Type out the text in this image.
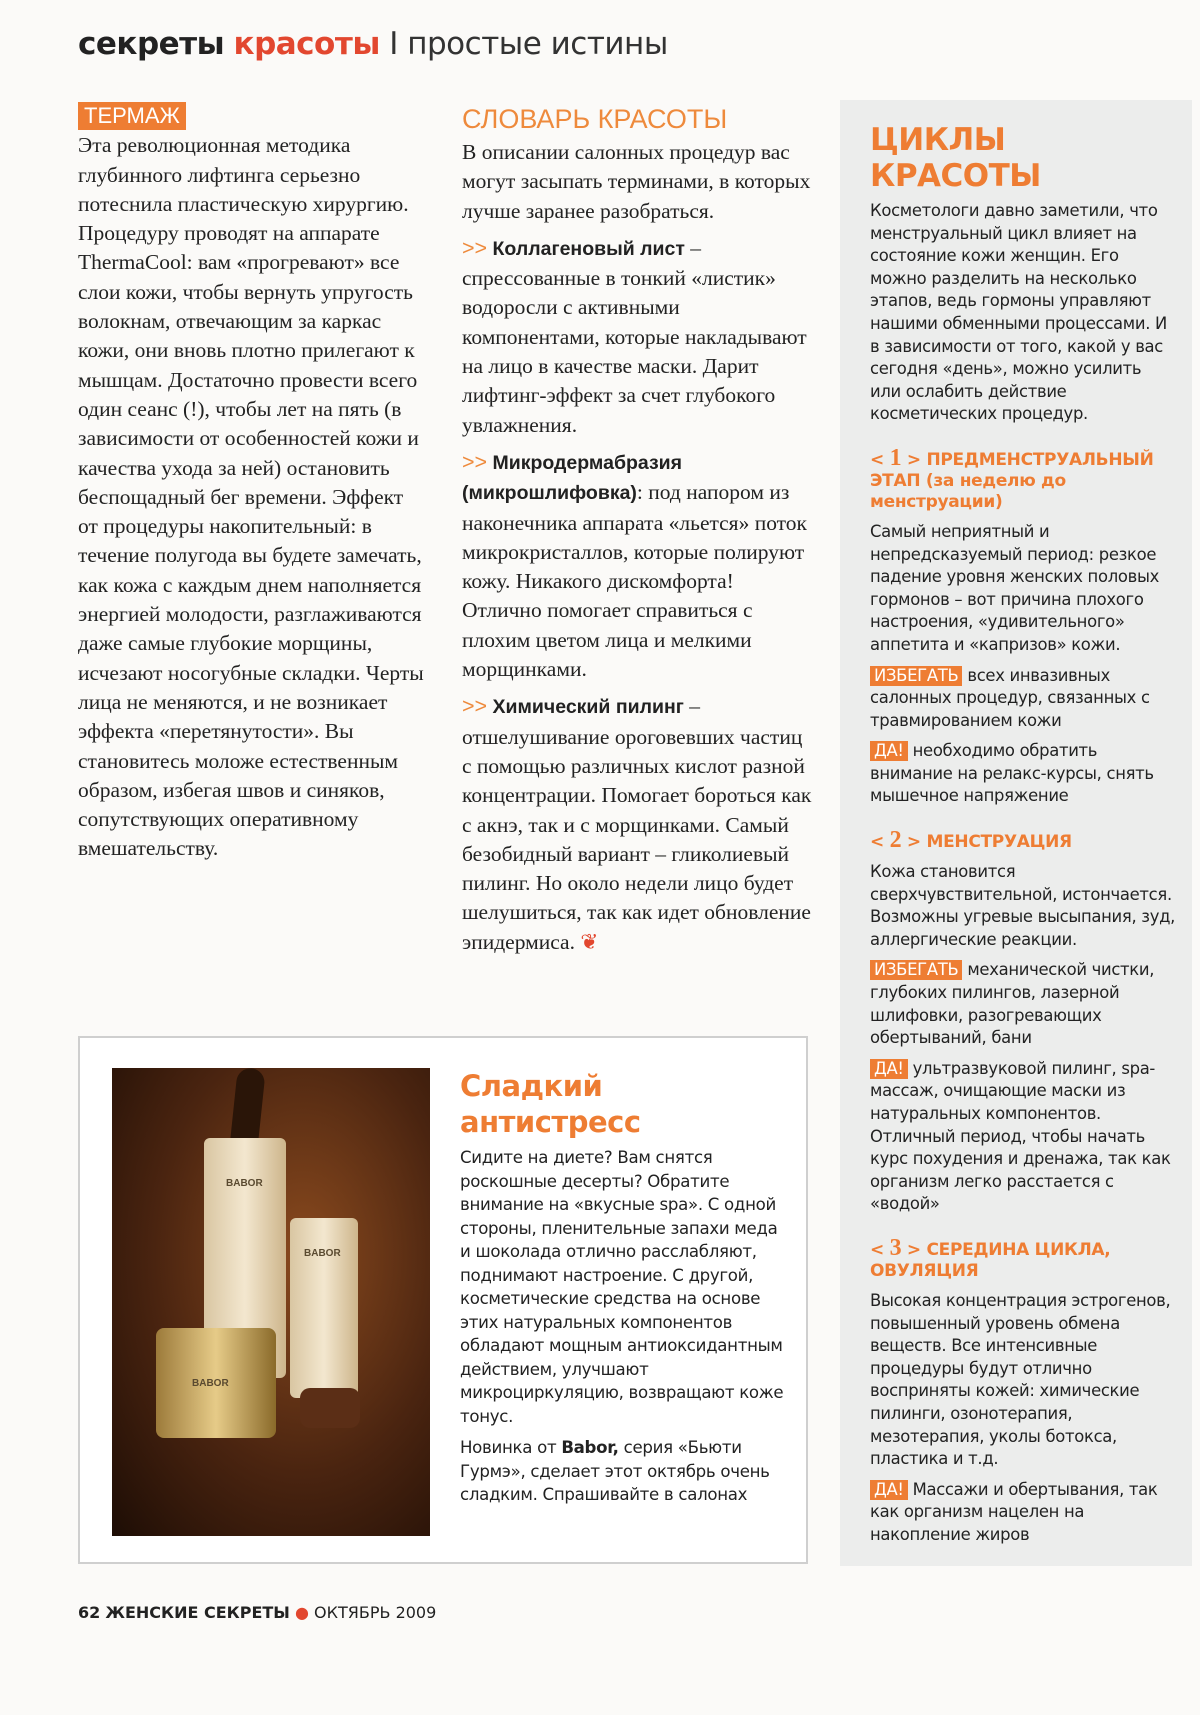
секреты красоты I простые истины
ТЕРМАЖ

Эта революционная методика глубинного лифтинга серьезно потеснила пластическую хирургию. Процедуру проводят на аппарате ThermaCool: вам «прогревают» все слои кожи, чтобы вернуть упругость волокнам, отвечающим за каркас кожи, они вновь плотно прилегают к мышцам. Достаточно провести всего один сеанс (!), чтобы лет на пять (в зависимости от особенностей кожи и качества ухода за ней) остановить беспощадный бег времени. Эффект от процедуры накопительный: в течение полугода вы будете замечать, как кожа с каждым днем наполняется энергией молодости, разглаживаются даже самые глубокие морщины, исчезают носогубные складки. Черты лица не меняются, и не возникает эффекта «перетянутости». Вы становитесь моложе естественным образом, избегая швов и синяков, сопутствующих оперативному вмешательству.

СЛОВАРЬ КРАСОТЫ

В описании салонных процедур вас могут засыпать терминами, в которых лучше заранее разобраться.

>> Коллагеновый лист – спрессованные в тонкий «листик» водоросли с активными компонентами, которые накладывают на лицо в качестве маски. Дарит лифтинг-эффект за счет глубокого увлажнения.

>> Микродермабразия (микрошлифовка): под напором из наконечника аппарата «льется» поток микрокристаллов, которые полируют кожу. Никакого дискомфорта! Отлично помогает справиться с плохим цветом лица и мелкими морщинками.

>> Химический пилинг – отшелушивание ороговевших частиц с помощью различных кислот разной концентрации. Помогает бороться как с акнэ, так и с морщинками. Самый безобидный вариант – гликолиевый пилинг. Но около недели лицо будет шелушиться, так как идет обновление эпидермиса. ❦

ЦИКЛЫ КРАСОТЫ

Косметологи давно заметили, что менструальный цикл влияет на состояние кожи женщин. Его можно разделить на несколько этапов, ведь гормоны управляют нашими обменными процессами. И в зависимости от того, какой у вас сегодня «день», можно усилить или ослабить действие косметических процедур.

< 1 > ПРЕДМЕНСТРУАЛЬНЫЙ ЭТАП (за неделю до менструации)

Самый неприятный и непредсказуемый период: резкое падение уровня женских половых гормонов – вот причина плохого настроения, «удивительного» аппетита и «капризов» кожи.

ИЗБЕГАТЬ всех инвазивных салонных процедур, связанных с травмированием кожи

ДА! необходимо обратить внимание на релакс-курсы, снять мышечное напряжение

< 2 > МЕНСТРУАЦИЯ

Кожа становится сверхчувствительной, истончается. Возможны угревые высыпания, зуд, аллергические реакции.

ИЗБЕГАТЬ механической чистки, глубоких пилингов, лазерной шлифовки, разогревающих обертываний, бани

ДА! ультразвуковой пилинг, spa-массаж, очищающие маски из натуральных компонентов. Отличный период, чтобы начать курс похудения и дренажа, так как организм легко расстается с «водой»

< 3 > СЕРЕДИНА ЦИКЛА, ОВУЛЯЦИЯ

Высокая концентрация эстрогенов, повышенный уровень обмена веществ. Все интенсивные процедуры будут отлично восприняты кожей: химические пилинги, озонотерапия, мезотерапия, уколы ботокса, пластика и т.д.

ДА! Массажи и обертывания, так как организм нацелен на накопление жиров

BABOR
BABOR
BABOR
Сладкий антистресс

Сидите на диете? Вам снятся роскошные десерты? Обратите внимание на «вкусные spa». С одной стороны, пленительные запахи меда и шоколада отлично расслабляют, поднимают настроение. С другой, косметические средства на основе этих натуральных компонентов обладают мощным антиоксидантным действием, улучшают микроциркуляцию, возвращают коже тонус.

Новинка от Babor, серия «Бьюти Гурмэ», сделает этот октябрь очень сладким. Спрашивайте в салонах

62 ЖЕНСКИЕ СЕКРЕТЫ ● ОКТЯБРЬ 2009
